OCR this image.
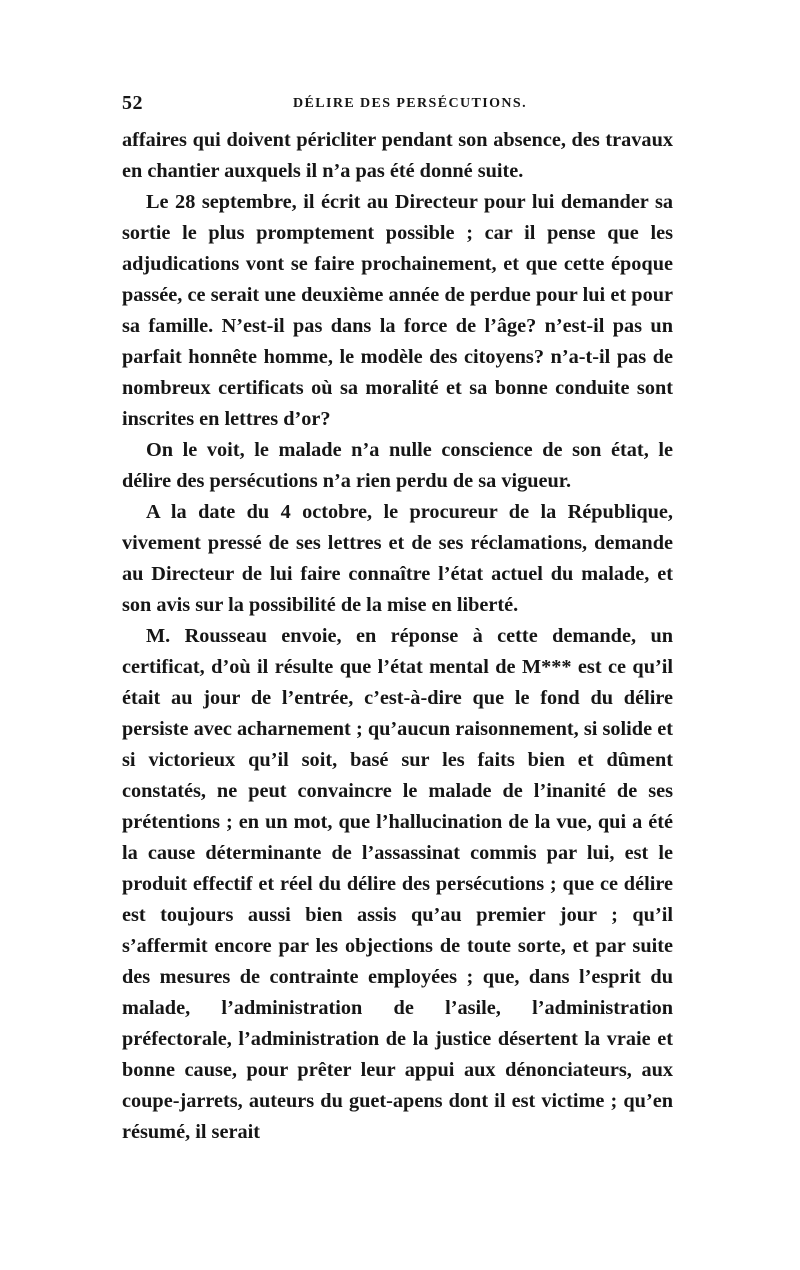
52	DÉLIRE DES PERSÉCUTIONS.

affaires qui doivent péricliter pendant son absence, des travaux en chantier auxquels il n’a pas été donné suite.

Le 28 septembre, il écrit au Directeur pour lui demander sa sortie le plus promptement possible ; car il pense que les adjudications vont se faire prochainement, et que cette époque passée, ce serait une deuxième année de perdue pour lui et pour sa famille. N’est-il pas dans la force de l’âge? n’est-il pas un parfait honnête homme, le modèle des citoyens? n’a-t-il pas de nombreux certificats où sa moralité et sa bonne conduite sont inscrites en lettres d’or?

On le voit, le malade n’a nulle conscience de son état, le délire des persécutions n’a rien perdu de sa vigueur.

A la date du 4 octobre, le procureur de la République, vivement pressé de ses lettres et de ses réclamations, demande au Directeur de lui faire connaître l’état actuel du malade, et son avis sur la possibilité de la mise en liberté.

M. Rousseau envoie, en réponse à cette demande, un certificat, d’où il résulte que l’état mental de M*** est ce qu’il était au jour de l’entrée, c’est-à-dire que le fond du délire persiste avec acharnement ; qu’aucun raisonnement, si solide et si victorieux qu’il soit, basé sur les faits bien et dûment constatés, ne peut convaincre le malade de l’inanité de ses prétentions ; en un mot, que l’hallucination de la vue, qui a été la cause déterminante de l’assassinat commis par lui, est le produit effectif et réel du délire des persécutions ; que ce délire est toujours aussi bien assis qu’au premier jour ; qu’il s’affermit encore par les objections de toute sorte, et par suite des mesures de contrainte employées ; que, dans l’esprit du malade, l’administration de l’asile, l’administration préfectorale, l’administration de la justice désertent la vraie et bonne cause, pour prêter leur appui aux dénonciateurs, aux coupe-jarrets, auteurs du guet-apens dont il est victime ; qu’en résumé, il serait
